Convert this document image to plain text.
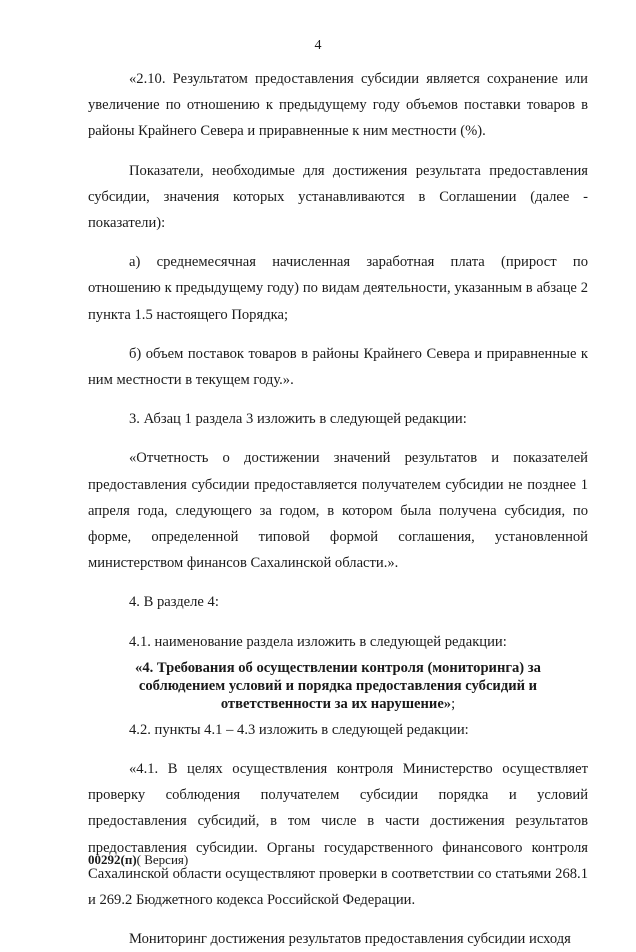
4

«2.10. Результатом предоставления субсидии является сохранение или увеличение по отношению к предыдущему году объемов поставки товаров в районы Крайнего Севера и приравненные к ним местности (%).

Показатели, необходимые для достижения результата предоставления субсидии, значения которых устанавливаются в Соглашении (далее - показатели):

а) среднемесячная начисленная заработная плата (прирост по отношению к предыдущему году) по видам деятельности, указанным в абзаце 2 пункта 1.5 настоящего Порядка;

б) объем поставок товаров в районы Крайнего Севера и приравненные к ним местности в текущем году.».

3. Абзац 1 раздела 3 изложить в следующей редакции:

«Отчетность о достижении значений результатов и показателей предоставления субсидии предоставляется получателем субсидии не позднее 1 апреля года, следующего за годом, в котором была получена субсидия, по форме, определенной типовой формой соглашения, установленной министерством финансов Сахалинской области.».

4. В разделе 4:

4.1. наименование раздела изложить в следующей редакции:

«4. Требования об осуществлении контроля (мониторинга) за соблюдением условий и порядка предоставления субсидий и ответственности за их нарушение»;

4.2. пункты 4.1 – 4.3 изложить в следующей редакции:

«4.1. В целях осуществления контроля Министерство осуществляет проверку соблюдения получателем субсидии порядка и условий предоставления субсидий, в том числе в части достижения результатов предоставления субсидии. Органы государственного финансового контроля Сахалинской области осуществляют проверки в соответствии со статьями 268.1 и 269.2 Бюджетного кодекса Российской Федерации.

Мониторинг достижения результатов предоставления субсидии исходя

00292(п)( Версия)
